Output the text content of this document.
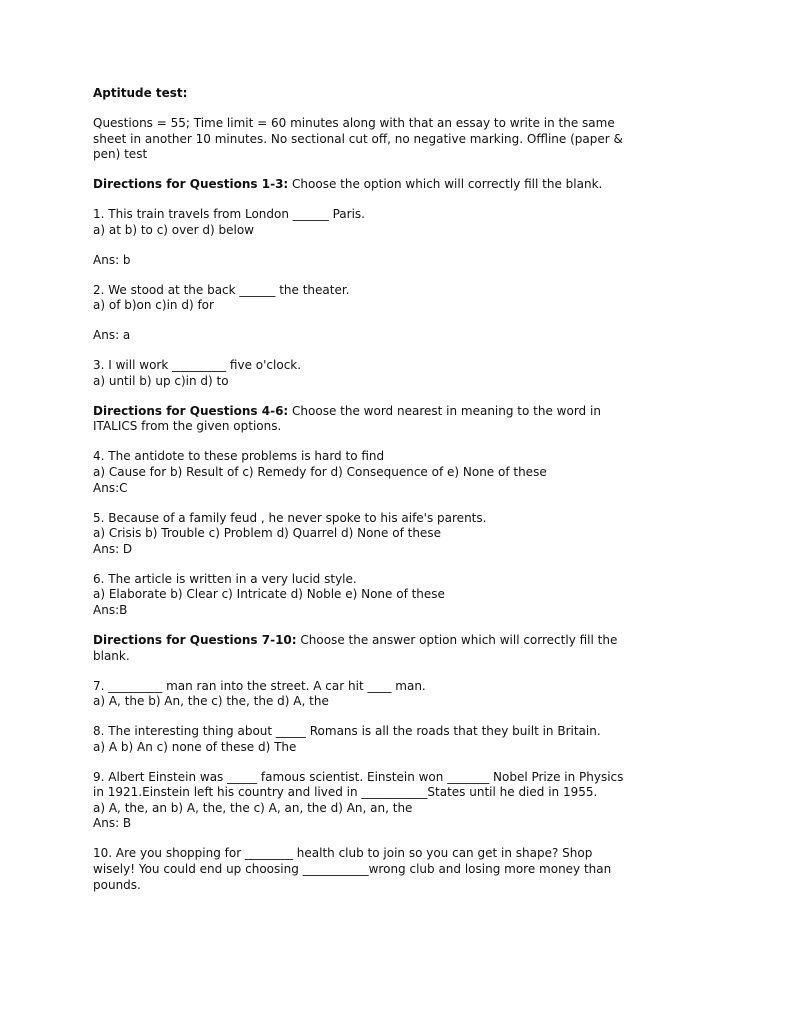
Aptitude test:
Questions = 55; Time limit = 60 minutes along with that an essay to write in the same
sheet in another 10 minutes. No sectional cut off, no negative marking. Offline (paper &
pen) test
Directions for Questions 1-3: Choose the option which will correctly fill the blank.
1. This train travels from London ______ Paris.
a) at b) to c) over d) below
Ans: b
2. We stood at the back ______ the theater.
a) of b)on c)in d) for
Ans: a
3. I will work _________ five o'clock.
a) until b) up c)in d) to
Directions for Questions 4-6: Choose the word nearest in meaning to the word in
ITALICS from the given options.
4. The antidote to these problems is hard to find
a) Cause for b) Result of c) Remedy for d) Consequence of e) None of these
Ans:C
5. Because of a family feud , he never spoke to his aife's parents.
a) Crisis b) Trouble c) Problem d) Quarrel d) None of these
Ans: D
6. The article is written in a very lucid style.
a) Elaborate b) Clear c) Intricate d) Noble e) None of these
Ans:B
Directions for Questions 7-10: Choose the answer option which will correctly fill the
blank.
7. _________ man ran into the street. A car hit ____ man.
a) A, the b) An, the c) the, the d) A, the
8. The interesting thing about _____ Romans is all the roads that they built in Britain.
a) A b) An c) none of these d) The
9. Albert Einstein was _____ famous scientist. Einstein won _______ Nobel Prize in Physics
in 1921.Einstein left his country and lived in ___________States until he died in 1955.
a) A, the, an b) A, the, the c) A, an, the d) An, an, the
Ans: B
10. Are you shopping for ________ health club to join so you can get in shape? Shop
wisely! You could end up choosing ___________wrong club and losing more money than
pounds.
